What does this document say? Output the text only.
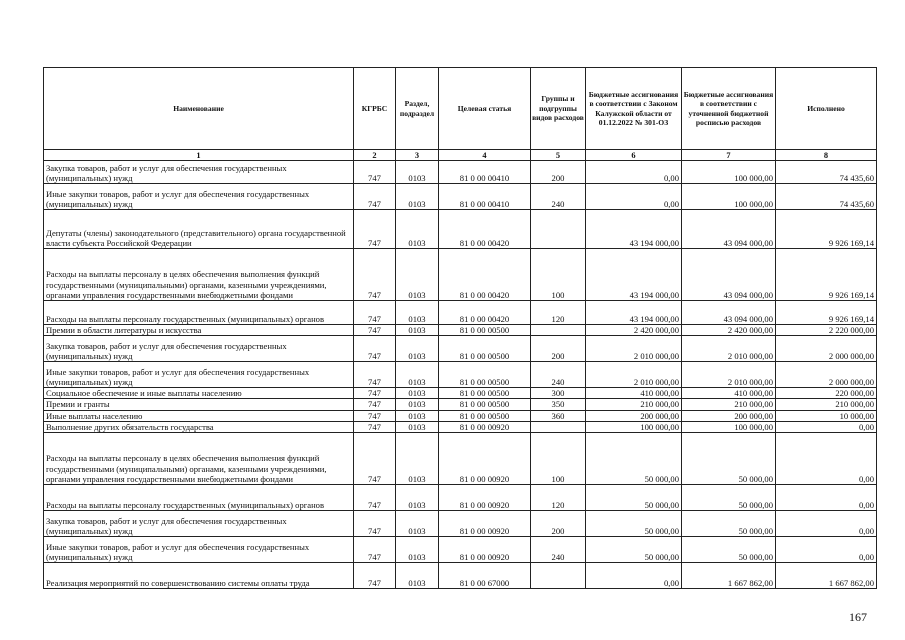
Наименование	КГРБС	Раздел, подраздел	Целевая статья	Группы и подгруппы видов расходов	Бюджетные ассигнования в соответствии с Законом Калужской области от 01.12.2022 № 301-ОЗ	Бюджетные ассигнования в соответствии с уточненной бюджетной росписью расходов	Исполнено
1	2	3	4	5	6	7	8
Закупка товаров, работ и услуг для обеспечения государственных (муниципальных) нужд	747	0103	81 0 00 00410	200	0,00	100 000,00	74 435,60
Иные закупки товаров, работ и услуг для обеспечения государственных (муниципальных) нужд	747	0103	81 0 00 00410	240	0,00	100 000,00	74 435,60
Депутаты (члены) законодательного (представительного) органа государственной власти субъекта Российской Федерации	747	0103	81 0 00 00420		43 194 000,00	43 094 000,00	9 926 169,14
Расходы на выплаты персоналу в целях обеспечения выполнения функций государственными (муниципальными) органами, казенными учреждениями, органами управления государственными внебюджетными фондами	747	0103	81 0 00 00420	100	43 194 000,00	43 094 000,00	9 926 169,14
Расходы на выплаты персоналу государственных (муниципальных) органов	747	0103	81 0 00 00420	120	43 194 000,00	43 094 000,00	9 926 169,14
Премии в области литературы и искусства	747	0103	81 0 00 00500		2 420 000,00	2 420 000,00	2 220 000,00
Закупка товаров, работ и услуг для обеспечения государственных (муниципальных) нужд	747	0103	81 0 00 00500	200	2 010 000,00	2 010 000,00	2 000 000,00
Иные закупки товаров, работ и услуг для обеспечения государственных (муниципальных) нужд	747	0103	81 0 00 00500	240	2 010 000,00	2 010 000,00	2 000 000,00
Социальное обеспечение и иные выплаты населению	747	0103	81 0 00 00500	300	410 000,00	410 000,00	220 000,00
Премии и гранты	747	0103	81 0 00 00500	350	210 000,00	210 000,00	210 000,00
Иные выплаты населению	747	0103	81 0 00 00500	360	200 000,00	200 000,00	10 000,00
Выполнение других обязательств государства	747	0103	81 0 00 00920		100 000,00	100 000,00	0,00
Расходы на выплаты персоналу в целях обеспечения выполнения функций государственными (муниципальными) органами, казенными учреждениями, органами управления государственными внебюджетными фондами	747	0103	81 0 00 00920	100	50 000,00	50 000,00	0,00
Расходы на выплаты персоналу государственных (муниципальных) органов	747	0103	81 0 00 00920	120	50 000,00	50 000,00	0,00
Закупка товаров, работ и услуг для обеспечения государственных (муниципальных) нужд	747	0103	81 0 00 00920	200	50 000,00	50 000,00	0,00
Иные закупки товаров, работ и услуг для обеспечения государственных (муниципальных) нужд	747	0103	81 0 00 00920	240	50 000,00	50 000,00	0,00
Реализация мероприятий по совершенствованию системы оплаты труда	747	0103	81 0 00 67000		0,00	1 667 862,00	1 667 862,00
167
